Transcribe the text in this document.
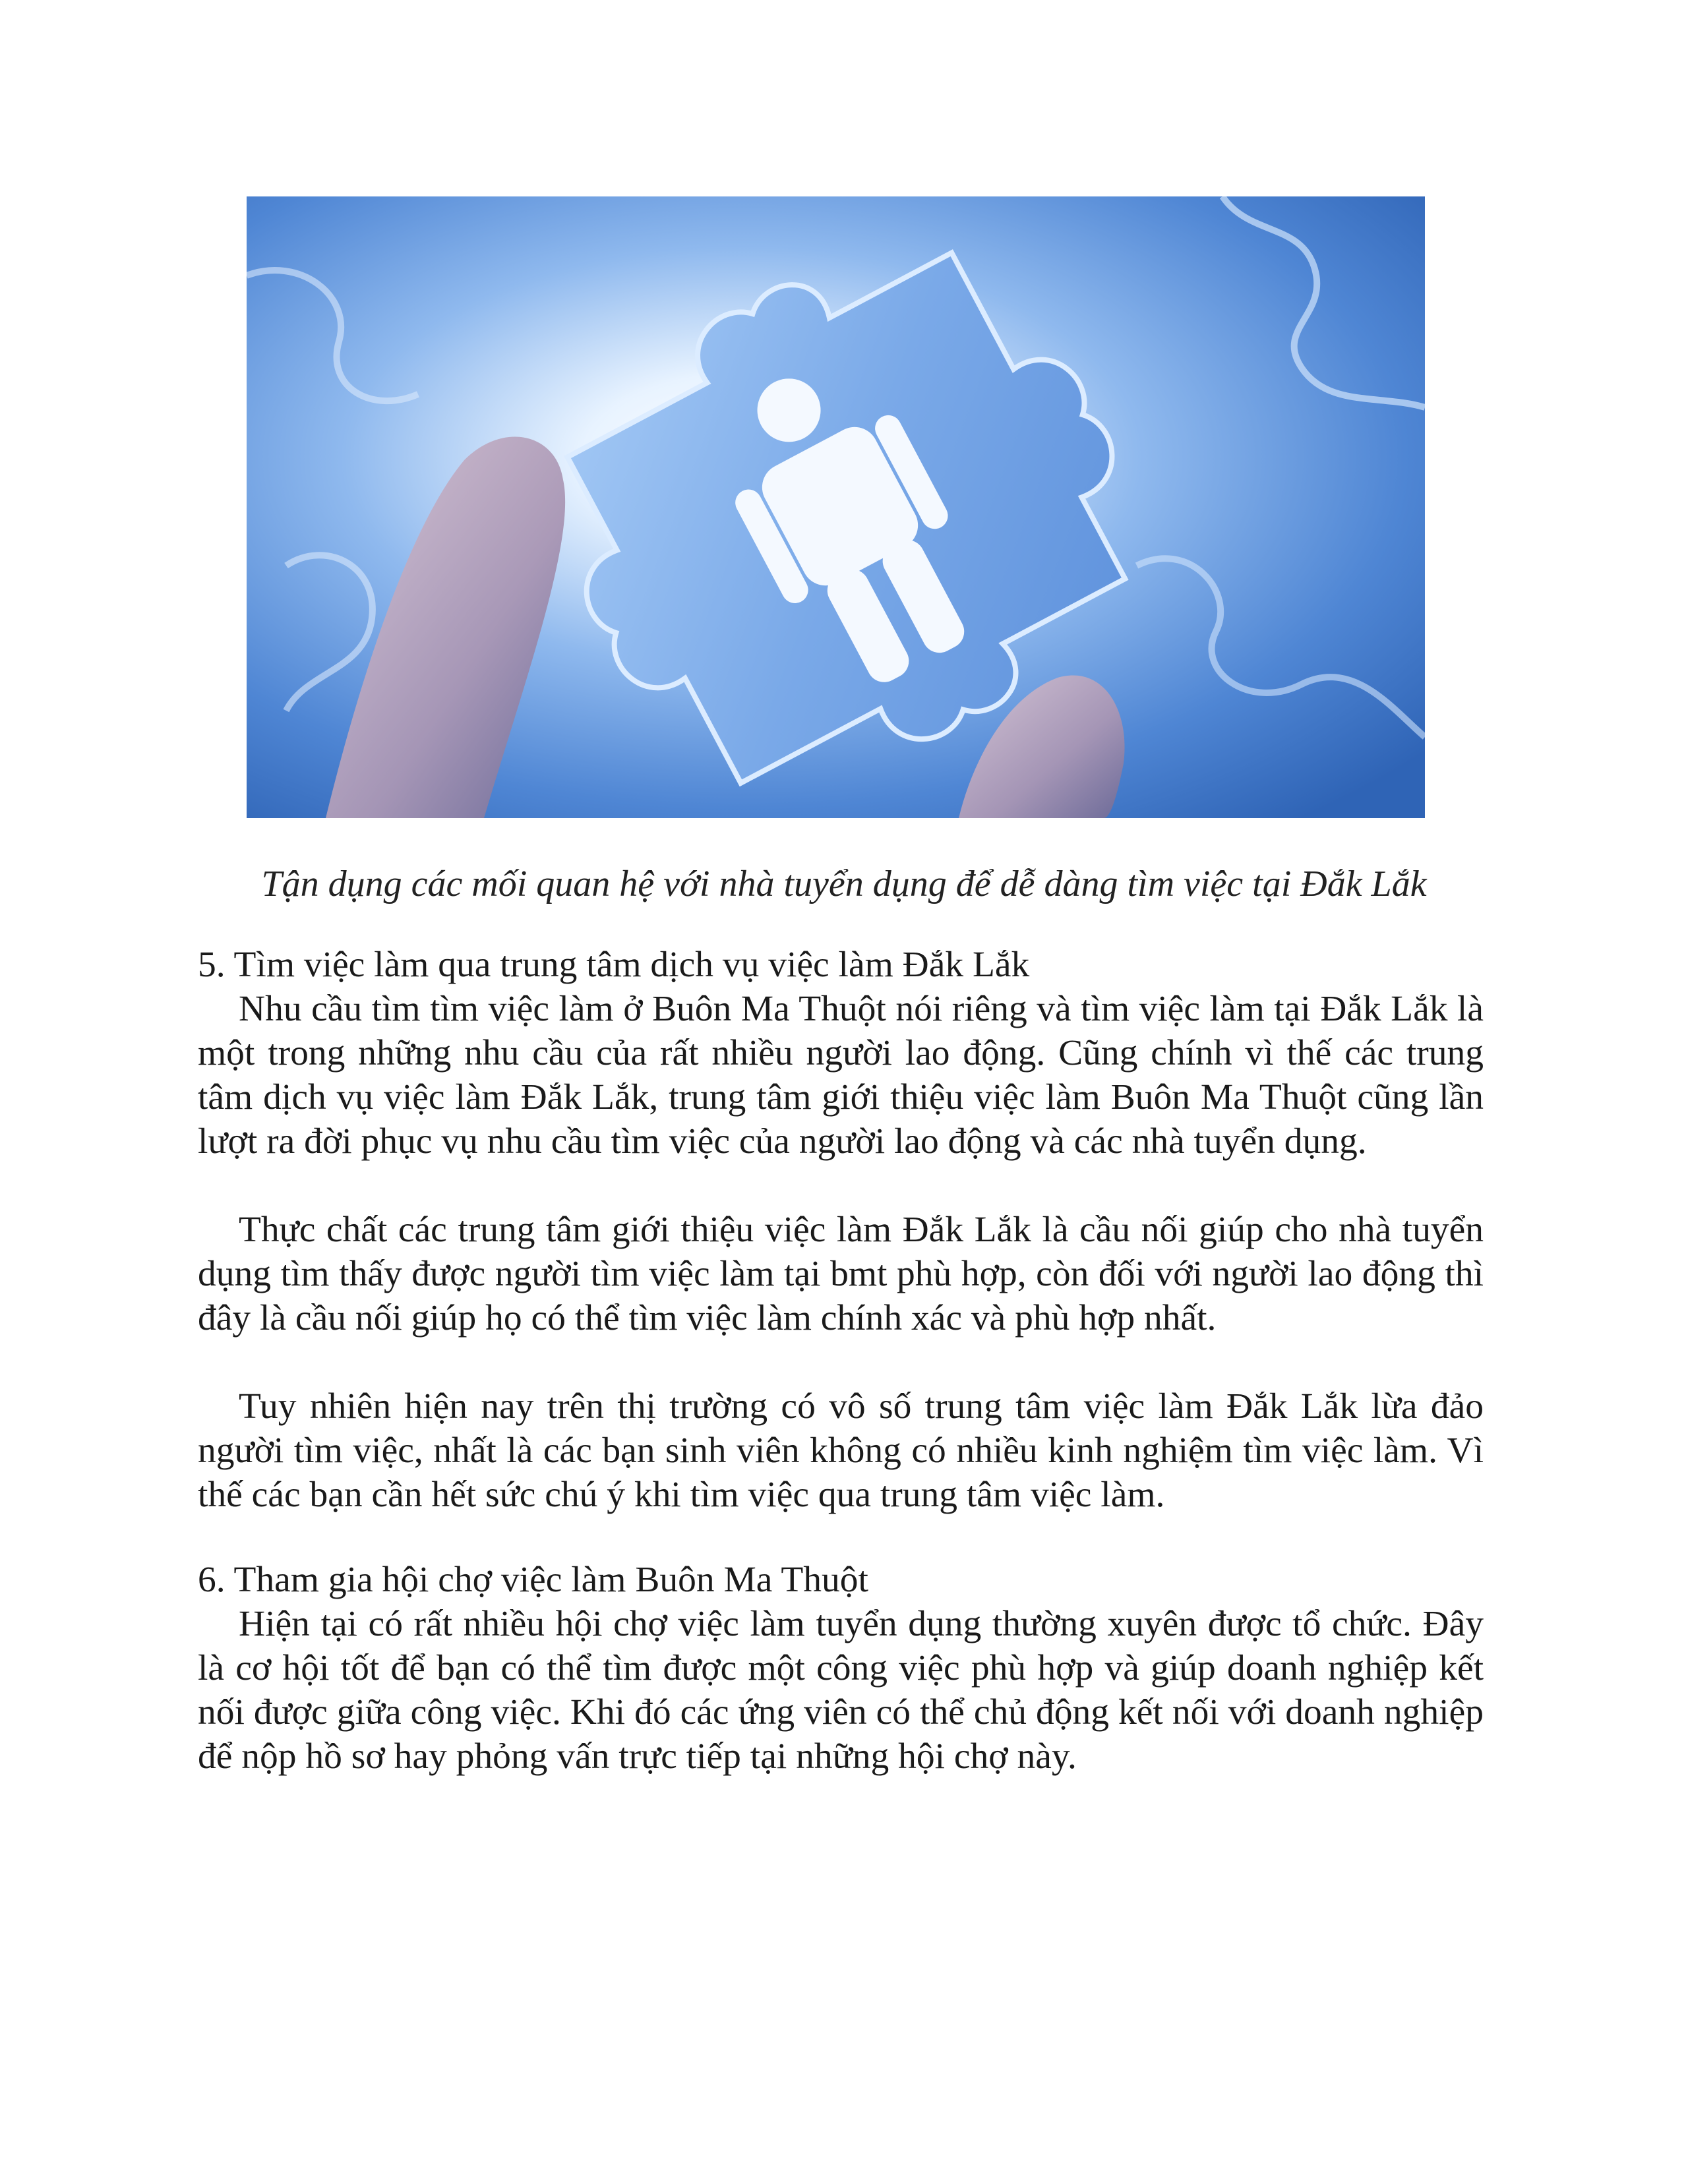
Tận dụng các mối quan hệ với nhà tuyển dụng để dễ dàng tìm việc tại Đắk Lắk
5. Tìm việc làm qua trung tâm dịch vụ việc làm Đắk Lắk

Nhu cầu tìm tìm việc làm ở Buôn Ma Thuột nói riêng và tìm việc làm tại Đắk Lắk là một trong những nhu cầu của rất nhiều người lao động. Cũng chính vì thế các trung tâm dịch vụ việc làm Đắk Lắk, trung tâm giới thiệu việc làm Buôn Ma Thuột cũng lần lượt ra đời phục vụ nhu cầu tìm việc của người lao động và các nhà tuyển dụng.

Thực chất các trung tâm giới thiệu việc làm Đắk Lắk là cầu nối giúp cho nhà tuyển dụng tìm thấy được người tìm việc làm tại bmt phù hợp, còn đối với người lao động thì đây là cầu nối giúp họ có thể tìm việc làm chính xác và phù hợp nhất.

Tuy nhiên hiện nay trên thị trường có vô số trung tâm việc làm Đắk Lắk lừa đảo người tìm việc, nhất là các bạn sinh viên không có nhiều kinh nghiệm tìm việc làm. Vì thế các bạn cần hết sức chú ý khi tìm việc qua trung tâm việc làm.

6. Tham gia hội chợ việc làm Buôn Ma Thuột

Hiện tại có rất nhiều hội chợ việc làm tuyển dụng thường xuyên được tổ chức. Đây là cơ hội tốt để bạn có thể tìm được một công việc phù hợp và giúp doanh nghiệp kết nối được giữa công việc. Khi đó các ứng viên có thể chủ động kết nối với doanh nghiệp để nộp hồ sơ hay phỏng vấn trực tiếp tại những hội chợ này.
